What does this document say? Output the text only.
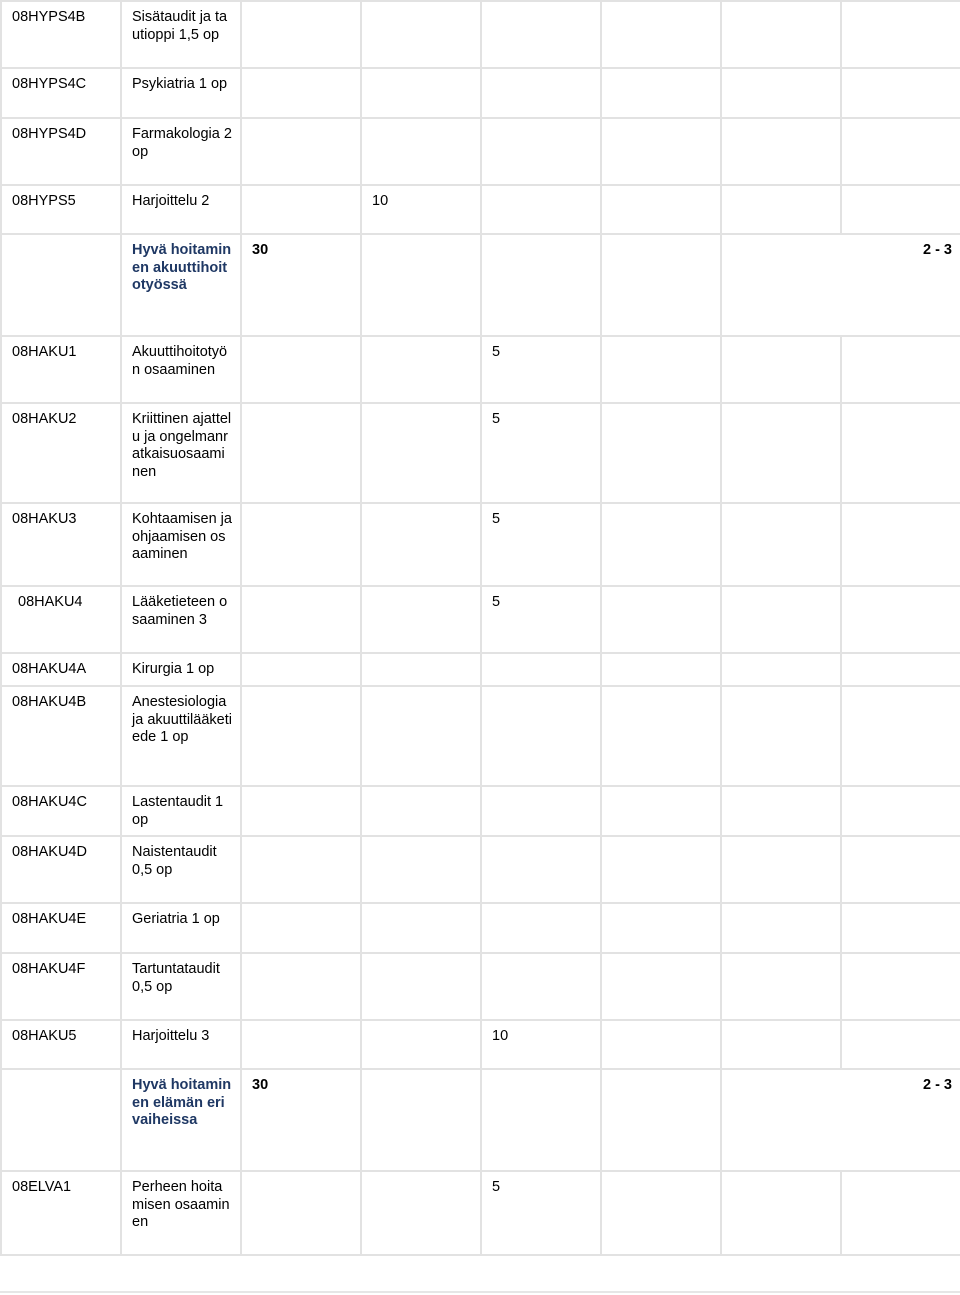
08HYPS4B	Sisätaudit ja tautioppi 1,5 op						
08HYPS4C	Psykiatria 1 op						
08HYPS4D	Farmakologia 2 op						
08HYPS5	Harjoittelu 2		10				
	Hyvä hoitaminen akuuttihoitotyössä	30				2 - 3	
08HAKU1	Akuuttihoitotyön osaaminen			5			
08HAKU2	Kriittinen ajattelu ja ongelmanratkaisuosaaminen			5			
08HAKU3	Kohtaamisen ja ohjaamisen osaaminen			5			
08HAKU4	Lääketieteen osaaminen 3			5			
08HAKU4A	Kirurgia 1 op						
08HAKU4B	Anestesiologia ja akuuttilääketiede 1 op						
08HAKU4C	Lastentaudit 1 op						
08HAKU4D	Naistentaudit 0,5 op						
08HAKU4E	Geriatria 1 op						
08HAKU4F	Tartuntataudit 0,5 op						
08HAKU5	Harjoittelu 3			10			
	Hyvä hoitaminen elämän eri vaiheissa	30				2 - 3	
08ELVA1	Perheen hoitamisen osaaminen			5			
